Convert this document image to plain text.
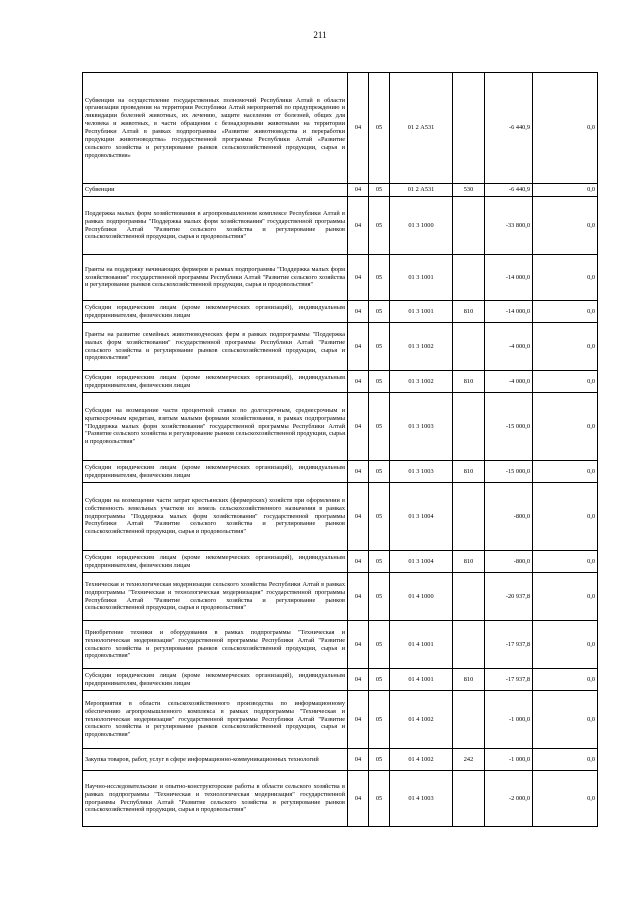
211
Субвенция на осуществление государственных полномочий Республики Алтай в области организации проведения на территории Республики Алтай мероприятий по предупреждению и ликвидации болезней животных, их лечению, защите населения от болезней, общих для человека и животных, в части обращения с безнадзорными животными на территории Республики Алтай в рамках подпрограммы «Развитие животноводства и переработки продукции животноводства» государственной программы Республики Алтай «Развитие сельского хозяйства и регулирование рынков сельскохозяйственной продукции, сырья и продовольствия»	04	05	01 2 А531		-6 440,9	0,0
Субвенции	04	05	01 2 А531	530	-6 440,9	0,0
Поддержка малых форм хозяйствования в агропромышленном комплексе Республики Алтай в рамках подпрограммы "Поддержка малых форм хозяйствования" государственной программы Республики Алтай "Развитие сельского хозяйства и регулирование рынков сельскохозяйственной продукции, сырья и продовольствия"	04	05	01 3 1000		-33 800,0	0,0
Гранты на поддержку начинающих фермеров в рамках подпрограммы "Поддержка малых форм хозяйствования" государственной программы Республики Алтай "Развитие сельского хозяйства и регулирование рынков сельскохозяйственной продукции, сырья и продовольствия"	04	05	01 3 1001		-14 000,0	0,0
Субсидии юридическим лицам (кроме некоммерческих организаций), индивидуальным предпринимателям, физическим лицам	04	05	01 3 1001	810	-14 000,0	0,0
Гранты на развитие семейных животноводческих ферм в рамках подпрограммы "Поддержка малых форм хозяйствования" государственной программы Республики Алтай "Развитие сельского хозяйства и регулирование рынков сельскохозяйственной продукции, сырья и продовольствия"	04	05	01 3 1002		-4 000,0	0,0
Субсидии юридическим лицам (кроме некоммерческих организаций), индивидуальным предпринимателям, физическим лицам	04	05	01 3 1002	810	-4 000,0	0,0
Субсидии на возмещение части процентной ставки по долгосрочным, среднесрочным и краткосрочным кредитам, взятым малыми формами хозяйствования, в рамках подпрограммы "Поддержка малых форм хозяйствования" государственной программы Республики Алтай "Развитие сельского хозяйства и регулирование рынков сельскохозяйственной продукции, сырья и продовольствия"	04	05	01 3 1003		-15 000,0	0,0
Субсидии юридическим лицам (кроме некоммерческих организаций), индивидуальным предпринимателям, физическим лицам	04	05	01 3 1003	810	-15 000,0	0,0
Субсидии на возмещение части затрат крестьянских (фермерских) хозяйств при оформлении в собственность земельных участков из земель сельскохозяйственного назначения в рамках подпрограммы "Поддержка малых форм хозяйствования" государственной программы Республики Алтай "Развитие сельского хозяйства и регулирование рынков сельскохозяйственной продукции, сырья и продовольствия"	04	05	01 3 1004		-800,0	0,0
Субсидии юридическим лицам (кроме некоммерческих организаций), индивидуальным предпринимателям, физическим лицам	04	05	01 3 1004	810	-800,0	0,0
Техническая и технологическая модернизация сельского хозяйства Республики Алтай в рамках подпрограммы "Техническая и технологическая модернизация" государственной программы Республики Алтай "Развитие сельского хозяйства и регулирование рынков сельскохозяйственной продукции, сырья и продовольствия"	04	05	01 4 1000		-20 937,8	0,0
Приобретение техники и оборудования в рамках подпрограммы "Техническая и технологическая модернизация" государственной программы Республики Алтай "Развитие сельского хозяйства и регулирование рынков сельскохозяйственной продукции, сырья и продовольствия"	04	05	01 4 1001		-17 937,8	0,0
Субсидии юридическим лицам (кроме некоммерческих организаций), индивидуальным предпринимателям, физическим лицам	04	05	01 4 1001	810	-17 937,8	0,0
Мероприятия в области сельскохозяйственного производства по информационному обеспечению агропромышленного комплекса в рамках подпрограммы "Техническая и технологическая модернизация" государственной программы Республики Алтай "Развитие сельского хозяйства и регулирование рынков сельскохозяйственной продукции, сырья и продовольствия"	04	05	01 4 1002		-1 000,0	0,0
Закупка товаров, работ, услуг в сфере информационно-коммуникационных технологий	04	05	01 4 1002	242	-1 000,0	0,0
Научно-исследовательские и опытно-конструкторские работы в области сельского хозяйства в рамках подпрограммы "Техническая и технологическая модернизация" государственной программы Республики Алтай "Развитие сельского хозяйства и регулирование рынков сельскохозяйственной продукции, сырья и продовольствия"	04	05	01 4 1003		-2 000,0	0,0
